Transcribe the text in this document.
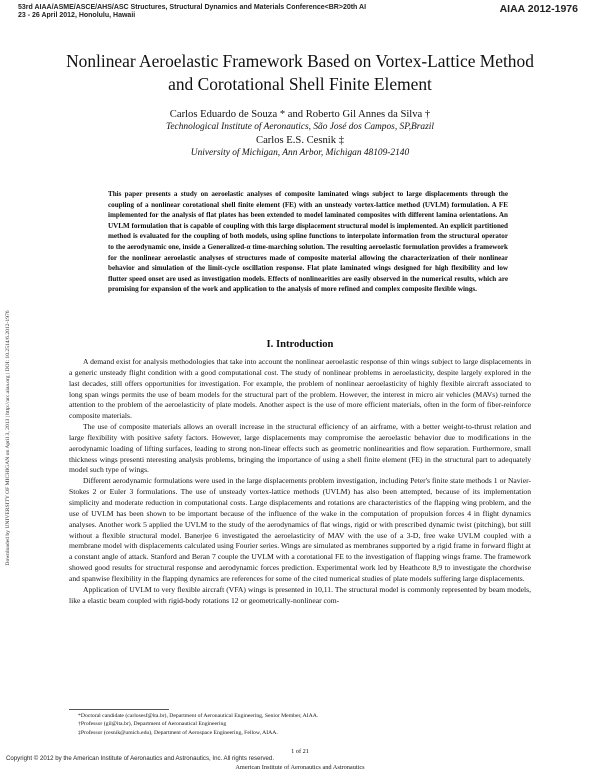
53rd AIAA/ASME/ASCE/AHS/ASC Structures, Structural Dynamics and Materials Conference<BR>20th AI
23 - 26 April 2012, Honolulu, Hawaii
AIAA 2012-1976
Downloaded by UNIVERSITY OF MICHIGAN on April 3, 2013 | http://arc.aiaa.org | DOI: 10.2514/6.2012-1976
Nonlinear Aeroelastic Framework Based on Vortex-Lattice Method
and Corotational Shell Finite Element
Carlos Eduardo de Souza * and Roberto Gil Annes da Silva †
Technological Institute of Aeronautics, São José dos Campos, SP,Brazil
Carlos E.S. Cesnik ‡
University of Michigan, Ann Arbor, Michigan 48109-2140
This paper presents a study on aeroelastic analyses of composite laminated wings subject to large displacements through the coupling of a nonlinear corotational shell finite element (FE) with an unsteady vortex-lattice method (UVLM) formulation. A FE implemented for the analysis of flat plates has been extended to model laminated composites with different lamina orientations. An UVLM formulation that is capable of coupling with this large displacement structural model is implemented. An explicit partitioned method is evaluated for the coupling of both models, using spline functions to interpolate information from the structural operator to the aerodynamic one, inside a Generalized-α time-marching solution. The resulting aeroelastic formulation provides a framework for the nonlinear aeroelastic analyses of structures made of composite material allowing the characterization of their nonlinear behavior and simulation of the limit-cycle oscillation response. Flat plate laminated wings designed for high flexibility and low flutter speed onset are used as investigation models. Effects of nonlinearities are easily observed in the numerical results, which are promising for expansion of the work and application to the analysis of more refined and complex composite flexible wings.
I. Introduction

A demand exist for analysis methodologies that take into account the nonlinear aeroelastic response of thin wings subject to large displacements in a generic unsteady flight condition with a good computational cost. The study of nonlinear problems in aeroelasticity, despite largely explored in the last decades, still offers opportunities for investigation. For example, the problem of nonlinear aeroelasticity of highly flexible aircraft associated to long span wings permits the use of beam models for the structural part of the problem. However, the interest in micro air vehicles (MAVs) turned the attention to the problem of the aeroelasticity of plate models. Another aspect is the use of more efficient materials, often in the form of fiber-reinforce composite materials.

The use of composite materials allows an overall increase in the structural efficiency of an airframe, with a better weight-to-thrust relation and large flexibility with positive safety factors. However, large displacements may compromise the aeroelastic behavior due to modifications in the aerodynamic loading of lifting surfaces, leading to strong non-linear effects such as geometric nonlinearities and flow separation. Furthermore, small thickness wings presenti nteresting analysis problems, bringing the importance of using a shell finite element (FE) in the structural part to adequately model such type of wings.

Different aerodynamic formulations were used in the large displacements problem investigation, including Peter's finite state methods 1 or Navier-Stokes 2 or Euler 3 formulations. The use of unsteady vortex-lattice methods (UVLM) has also been attempted, because of its implementation simplicity and moderate reduction in computational costs. Large displacements and rotations are characteristics of the flapping wing problem, and the use of UVLM has been shown to be important because of the influence of the wake in the computation of propulsion forces 4 in flight dynamics analyses. Another work 5 applied the UVLM to the study of the aerodynamics of flat wings, rigid or with prescribed dynamic twist (pitching), but still without a flexible structural model. Banerjee 6 investigated the aeroelasticity of MAV with the use of a 3-D, free wake UVLM coupled with a membrane model with displacements calculated using Fourier series. Wings are simulated as membranes supported by a rigid frame in forward flight at a constant angle of attack. Stanford and Beran 7 couple the UVLM with a corotational FE to the investigation of flapping wings frame. The framework showed good results for structural response and aerodynamic forces prediction. Experimental work led by Heathcote 8,9 to investigate the chordwise and spanwise flexibility in the flapping dynamics are references for some of the cited numerical studies of plate models suffering large displacements.

Application of UVLM to very flexible aircraft (VFA) wings is presented in 10,11. The structural model is commonly represented by beam models, like a elastic beam coupled with rigid-body rotations 12 or geometrically-nonlinear com-

*Doctoral candidate (carlosesf@ita.br), Department of Aeronautical Engineering, Senior Member, AIAA.
†Professor (gil@ita.br), Department of Aeronautical Engineering
‡Professor (cesnik@umich.edu), Department of Aerospace Engineering, Fellow, AIAA.
1 of 21
Copyright © 2012 by the American Institute of Aeronautics and Astronautics, Inc. All rights reserved.
American Institute of Aeronautics and Astronautics
